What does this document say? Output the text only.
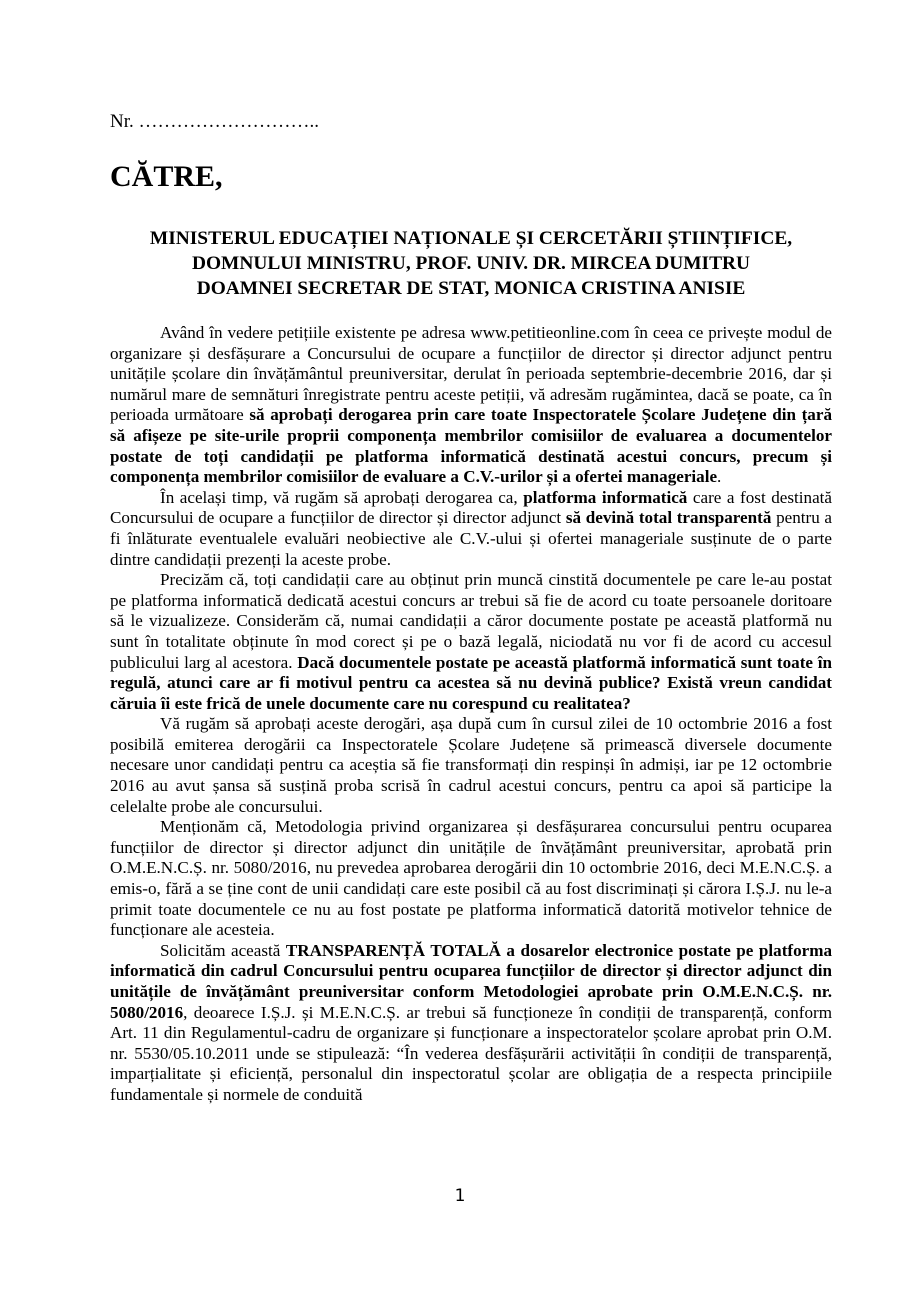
Nr. ………………………..
CĂTRE,
MINISTERUL EDUCAȚIEI NAȚIONALE ȘI CERCETĂRII ȘTIINȚIFICE,
DOMNULUI MINISTRU, PROF. UNIV. DR. MIRCEA DUMITRU
DOAMNEI SECRETAR DE STAT, MONICA CRISTINA ANISIE

Având în vedere petițiile existente pe adresa www.petitieonline.com în ceea ce privește modul de organizare și desfășurare a Concursului de ocupare a funcțiilor de director și director adjunct pentru unitățile școlare din învățământul preuniversitar, derulat în perioada septembrie-decembrie 2016, dar și numărul mare de semnături înregistrate pentru aceste petiții, vă adresăm rugămintea, dacă se poate, ca în perioada următoare să aprobați derogarea prin care toate Inspectoratele Școlare Județene din țară să afișeze pe site-urile proprii componența membrilor comisiilor de evaluarea a documentelor postate de toți candidații pe platforma informatică destinată acestui concurs, precum și componența membrilor comisiilor de evaluare a C.V.-urilor și a ofertei manageriale.

În același timp, vă rugăm să aprobați derogarea ca, platforma informatică care a fost destinată Concursului de ocupare a funcțiilor de director și director adjunct să devină total transparentă pentru a fi înlăturate eventualele evaluări neobiective ale C.V.-ului și ofertei manageriale susținute de o parte dintre candidații prezenți la aceste probe.

Precizăm că, toți candidații care au obținut prin muncă cinstită documentele pe care le-au postat pe platforma informatică dedicată acestui concurs ar trebui să fie de acord cu toate persoanele doritoare să le vizualizeze. Considerăm că, numai candidații a căror documente postate pe această platformă nu sunt în totalitate obținute în mod corect și pe o bază legală, niciodată nu vor fi de acord cu accesul publicului larg al acestora. Dacă documentele postate pe această platformă informatică sunt toate în regulă, atunci care ar fi motivul pentru ca acestea să nu devină publice? Există vreun candidat căruia îi este frică de unele documente care nu corespund cu realitatea?

Vă rugăm să aprobați aceste derogări, așa după cum în cursul zilei de 10 octombrie 2016 a fost posibilă emiterea derogării ca Inspectoratele Școlare Județene să primească diversele documente necesare unor candidați pentru ca aceștia să fie transformați din respinși în admiși, iar pe 12 octombrie 2016 au avut șansa să susțină proba scrisă în cadrul acestui concurs, pentru ca apoi să participe la celelalte probe ale concursului.

Menționăm că, Metodologia privind organizarea și desfășurarea concursului pentru ocuparea funcțiilor de director și director adjunct din unitățile de învățământ preuniversitar, aprobată prin O.M.E.N.C.Ș. nr. 5080/2016, nu prevedea aprobarea derogării din 10 octombrie 2016, deci M.E.N.C.Ș. a emis-o, fără a se ține cont de unii candidați care este posibil că au fost discriminați și cărora I.Ș.J. nu le-a primit toate documentele ce nu au fost postate pe platforma informatică datorită motivelor tehnice de funcționare ale acesteia.

Solicităm această TRANSPARENȚĂ TOTALĂ a dosarelor electronice postate pe platforma informatică din cadrul Concursului pentru ocuparea funcțiilor de director și director adjunct din unitățile de învățământ preuniversitar conform Metodologiei aprobate prin O.M.E.N.C.Ș. nr. 5080/2016, deoarece I.Ș.J. și M.E.N.C.Ș. ar trebui să funcționeze în condiții de transparență, conform Art. 11 din Regulamentul-cadru de organizare și funcționare a inspectoratelor școlare aprobat prin O.M. nr. 5530/05.10.2011 unde se stipulează: “În vederea desfășurării activității în condiții de transparență, imparțialitate și eficiență, personalul din inspectoratul școlar are obligația de a respecta principiile fundamentale și normele de conduită

1
